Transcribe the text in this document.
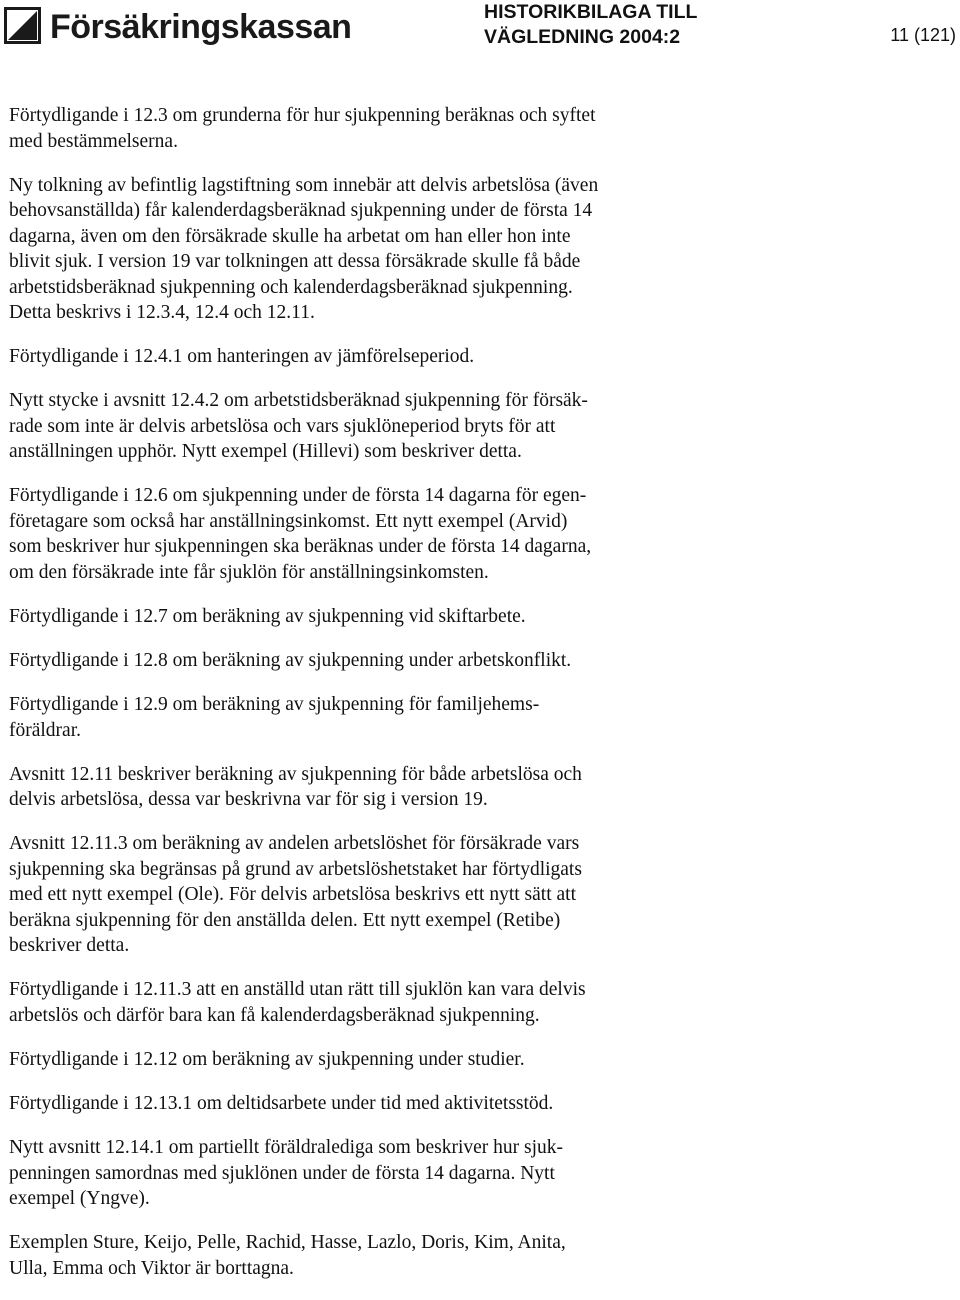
Försäkringskassan	HISTORIKBILAGA TILL
VÄGLEDNING 2004:2	11 (121)

Förtydligande i 12.3 om grunderna för hur sjukpenning beräknas och syftet
med bestämmelserna.

Ny tolkning av befintlig lagstiftning som innebär att delvis arbetslösa (även
behovsanställda) får kalenderdagsberäknad sjukpenning under de första 14
dagarna, även om den försäkrade skulle ha arbetat om han eller hon inte
blivit sjuk. I version 19 var tolkningen att dessa försäkrade skulle få både
arbetstidsberäknad sjukpenning och kalenderdagsberäknad sjukpenning.
Detta beskrivs i 12.3.4, 12.4 och 12.11.

Förtydligande i 12.4.1 om hanteringen av jämförelseperiod.

Nytt stycke i avsnitt 12.4.2 om arbetstidsberäknad sjukpenning för försäk-
rade som inte är delvis arbetslösa och vars sjuklöneperiod bryts för att
anställningen upphör. Nytt exempel (Hillevi) som beskriver detta.

Förtydligande i 12.6 om sjukpenning under de första 14 dagarna för egen-
företagare som också har anställningsinkomst. Ett nytt exempel (Arvid)
som beskriver hur sjukpenningen ska beräknas under de första 14 dagarna,
om den försäkrade inte får sjuklön för anställningsinkomsten.

Förtydligande i 12.7 om beräkning av sjukpenning vid skiftarbete.

Förtydligande i 12.8 om beräkning av sjukpenning under arbetskonflikt.

Förtydligande i 12.9 om beräkning av sjukpenning för familjehems-
föräldrar.

Avsnitt 12.11 beskriver beräkning av sjukpenning för både arbetslösa och
delvis arbetslösa, dessa var beskrivna var för sig i version 19.

Avsnitt 12.11.3 om beräkning av andelen arbetslöshet för försäkrade vars
sjukpenning ska begränsas på grund av arbetslöshetstaket har förtydligats
med ett nytt exempel (Ole). För delvis arbetslösa beskrivs ett nytt sätt att
beräkna sjukpenning för den anställda delen. Ett nytt exempel (Retibe)
beskriver detta.

Förtydligande i 12.11.3 att en anställd utan rätt till sjuklön kan vara delvis
arbetslös och därför bara kan få kalenderdagsberäknad sjukpenning.

Förtydligande i 12.12 om beräkning av sjukpenning under studier.

Förtydligande i 12.13.1 om deltidsarbete under tid med aktivitetsstöd.

Nytt avsnitt 12.14.1 om partiellt föräldralediga som beskriver hur sjuk-
penningen samordnas med sjuklönen under de första 14 dagarna. Nytt
exempel (Yngve).

Exemplen Sture, Keijo, Pelle, Rachid, Hasse, Lazlo, Doris, Kim, Anita,
Ulla, Emma och Viktor är borttagna.
